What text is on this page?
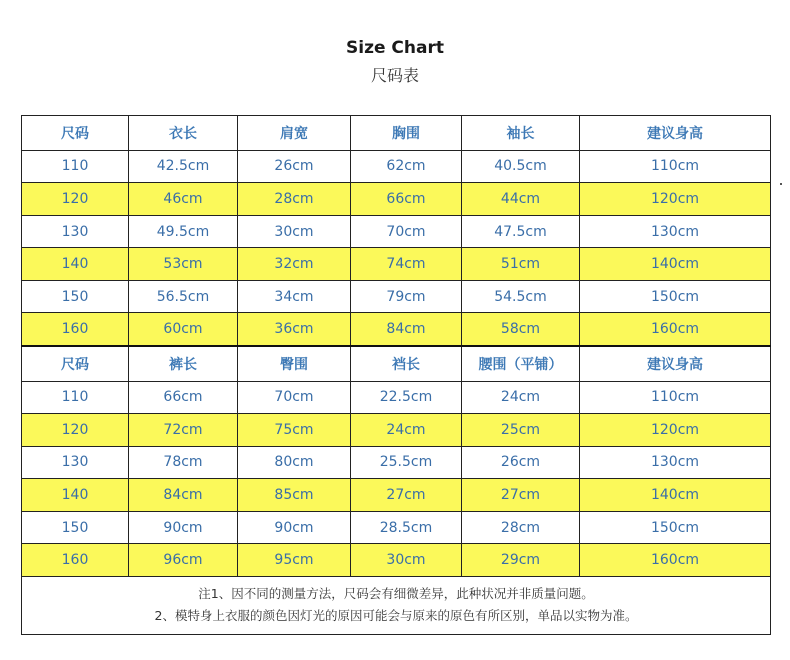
Size Chart
尺码表
尺码	衣长	肩宽	胸围	袖长	建议身高
110	42.5cm	26cm	62cm	40.5cm	110cm
120	46cm	28cm	66cm	44cm	120cm
130	49.5cm	30cm	70cm	47.5cm	130cm
140	53cm	32cm	74cm	51cm	140cm
150	56.5cm	34cm	79cm	54.5cm	150cm
160	60cm	36cm	84cm	58cm	160cm
尺码	裤长	臀围	裆长	腰围（平铺）	建议身高
110	66cm	70cm	22.5cm	24cm	110cm
120	72cm	75cm	24cm	25cm	120cm
130	78cm	80cm	25.5cm	26cm	130cm
140	84cm	85cm	27cm	27cm	140cm
150	90cm	90cm	28.5cm	28cm	150cm
160	96cm	95cm	30cm	29cm	160cm

注1、因不同的测量方法，尺码会有细微差异，此种状况并非质量问题。
2、模特身上衣服的颜色因灯光的原因可能会与原来的原色有所区别，单品以实物为准。					
